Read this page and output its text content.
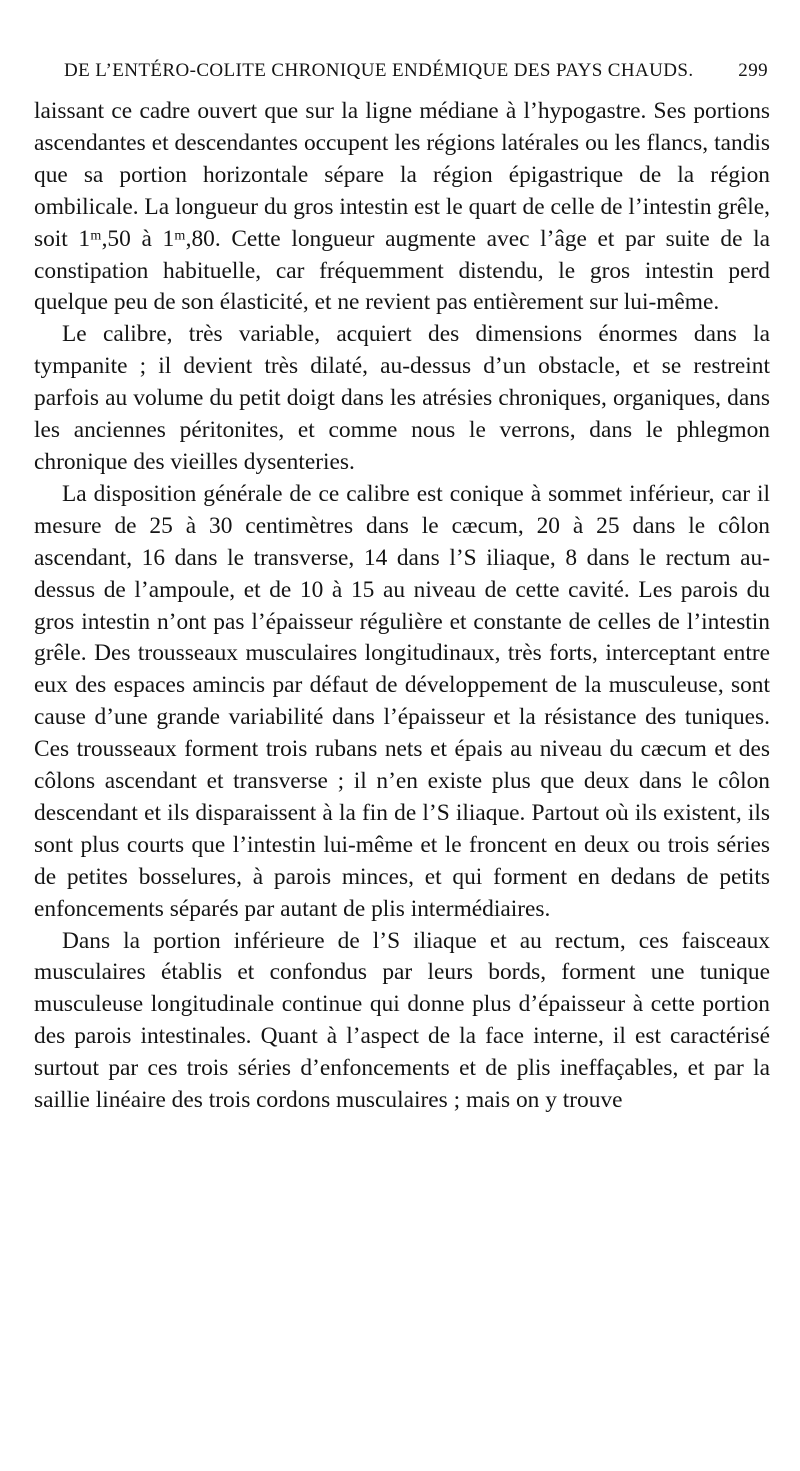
DE L’ENTÉRO-COLITE CHRONIQUE ENDÉMIQUE DES PAYS CHAUDS. 299

laissant ce cadre ouvert que sur la ligne médiane à l’hypogastre. Ses portions ascendantes et descendantes occupent les régions latérales ou les flancs, tandis que sa portion horizontale sépare la région épigastrique de la région ombilicale. La longueur du gros intestin est le quart de celle de l’intestin grêle, soit 1ᵐ,50 à 1ᵐ,80. Cette longueur augmente avec l’âge et par suite de la constipation habituelle, car fréquemment distendu, le gros intestin perd quelque peu de son élasticité, et ne revient pas entièrement sur lui-même.

Le calibre, très variable, acquiert des dimensions énormes dans la tympanite ; il devient très dilaté, au-dessus d’un obstacle, et se restreint parfois au volume du petit doigt dans les atrésies chroniques, organiques, dans les anciennes péritonites, et comme nous le verrons, dans le phlegmon chronique des vieilles dysenteries.

La disposition générale de ce calibre est conique à sommet inférieur, car il mesure de 25 à 30 centimètres dans le cæcum, 20 à 25 dans le côlon ascendant, 16 dans le transverse, 14 dans l’S iliaque, 8 dans le rectum au-dessus de l’ampoule, et de 10 à 15 au niveau de cette cavité. Les parois du gros intestin n’ont pas l’épaisseur régulière et constante de celles de l’intestin grêle. Des trousseaux musculaires longitudinaux, très forts, interceptant entre eux des espaces amincis par défaut de développement de la musculeuse, sont cause d’une grande variabilité dans l’épaisseur et la résistance des tuniques. Ces trousseaux forment trois rubans nets et épais au niveau du cæcum et des côlons ascendant et transverse ; il n’en existe plus que deux dans le côlon descendant et ils disparaissent à la fin de l’S iliaque. Partout où ils existent, ils sont plus courts que l’intestin lui-même et le froncent en deux ou trois séries de petites bosselures, à parois minces, et qui forment en dedans de petits enfoncements séparés par autant de plis intermédiaires.

Dans la portion inférieure de l’S iliaque et au rectum, ces faisceaux musculaires établis et confondus par leurs bords, forment une tunique musculeuse longitudinale continue qui donne plus d’épaisseur à cette portion des parois intestinales. Quant à l’aspect de la face interne, il est caractérisé surtout par ces trois séries d’enfoncements et de plis ineffaçables, et par la saillie linéaire des trois cordons musculaires ; mais on y trouve
